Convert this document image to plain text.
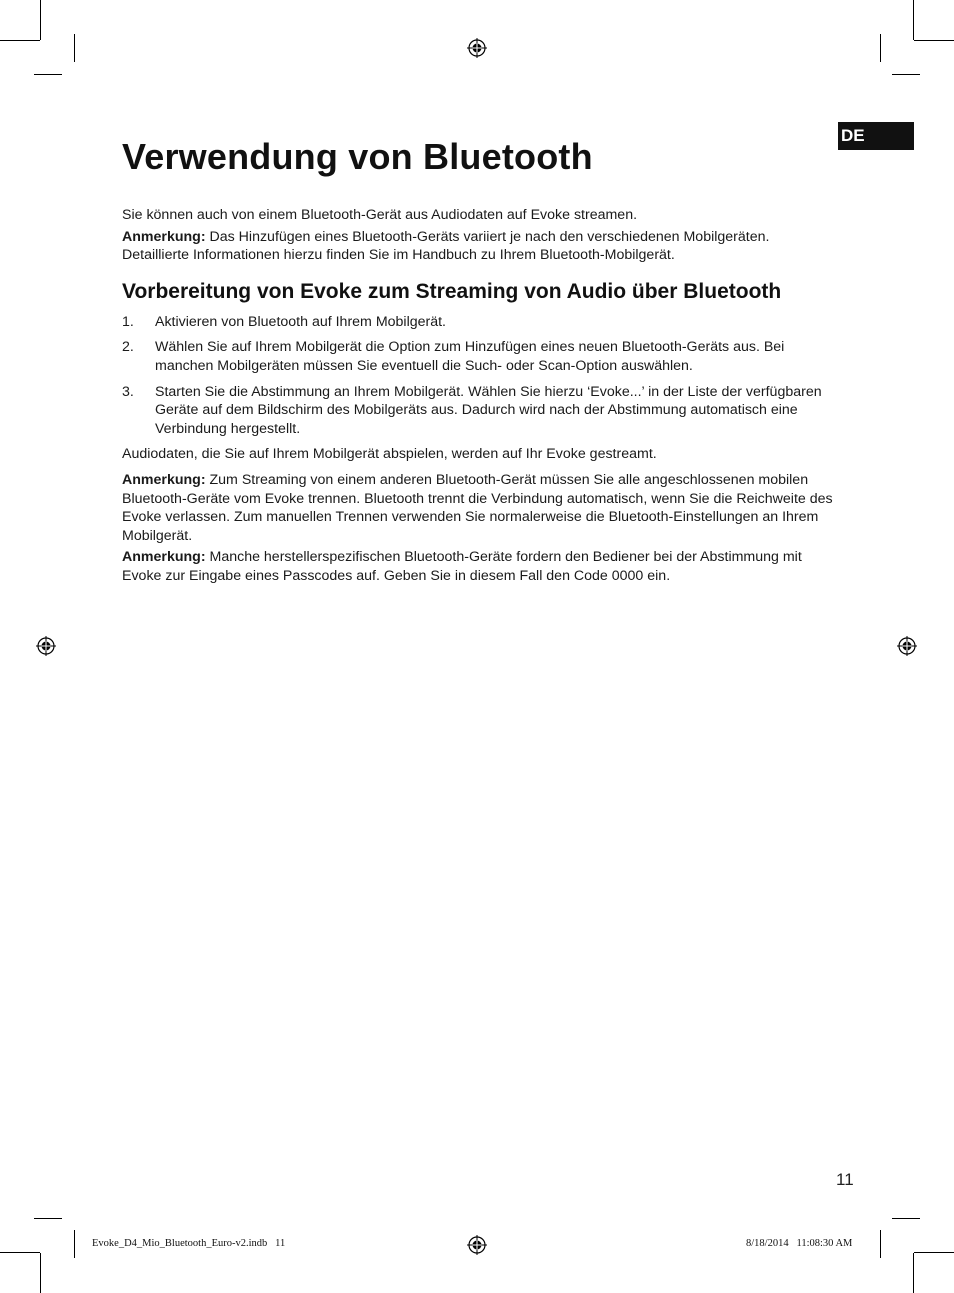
Verwendung von Bluetooth
DE

Sie können auch von einem Bluetooth-Gerät aus Audiodaten auf Evoke streamen.

Anmerkung: Das Hinzufügen eines Bluetooth-Geräts variiert je nach den verschiedenen Mobilgeräten. Detaillierte Informationen hierzu finden Sie im Handbuch zu Ihrem Bluetooth-Mobilgerät.

Vorbereitung von Evoke zum Streaming von Audio über Bluetooth
1. Aktivieren von Bluetooth auf Ihrem Mobilgerät.
2. Wählen Sie auf Ihrem Mobilgerät die Option zum Hinzufügen eines neuen Bluetooth-Geräts aus. Bei manchen Mobilgeräten müssen Sie eventuell die Such- oder Scan-Option auswählen.
3. Starten Sie die Abstimmung an Ihrem Mobilgerät. Wählen Sie hierzu ‘Evoke...’ in der Liste der verfügbaren Geräte auf dem Bildschirm des Mobilgeräts aus. Dadurch wird nach der Abstimmung automatisch eine Verbindung hergestellt.

Audiodaten, die Sie auf Ihrem Mobilgerät abspielen, werden auf Ihr Evoke gestreamt.

Anmerkung: Zum Streaming von einem anderen Bluetooth-Gerät müssen Sie alle angeschlossenen mobilen Bluetooth-Geräte vom Evoke trennen. Bluetooth trennt die Verbindung automatisch, wenn Sie die Reichweite des Evoke verlassen. Zum manuellen Trennen verwenden Sie normalerweise die Bluetooth-Einstellungen an Ihrem Mobilgerät.

Anmerkung: Manche herstellerspezifischen Bluetooth-Geräte fordern den Bediener bei der Abstimmung mit Evoke zur Eingabe eines Passcodes auf. Geben Sie in diesem Fall den Code 0000 ein.

11
Evoke_D4_Mio_Bluetooth_Euro-v2.indb   11	8/18/2014   11:08:30 AM
